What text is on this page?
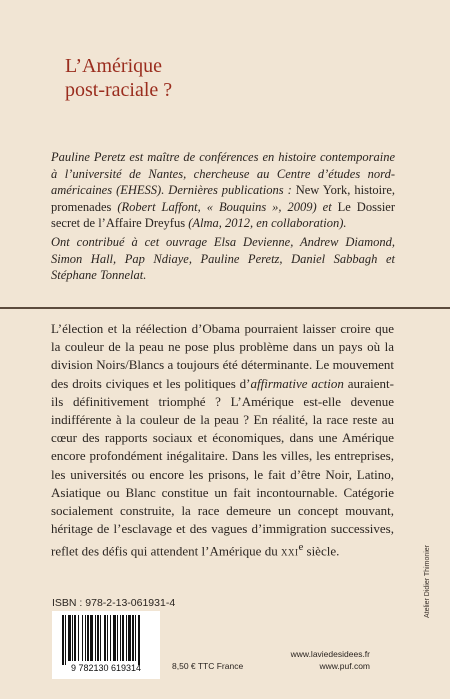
L’Amérique
post-raciale ?

Pauline Peretz est maître de conférences en histoire contemporaine à l’université de Nantes, chercheuse au Centre d’études nord-américaines (EHESS). Dernières publications : New York, histoire, promenades (Robert Laffont, « Bouquins », 2009) et Le Dossier secret de l’Affaire Dreyfus (Alma, 2012, en collaboration).

Ont contribué à cet ouvrage Elsa Devienne, Andrew Diamond, Simon Hall, Pap Ndiaye, Pauline Peretz, Daniel Sabbagh et Stéphane Tonnelat.

L’élection et la réélection d’Obama pourraient laisser croire que la couleur de la peau ne pose plus problème dans un pays où la division Noirs/Blancs a toujours été déterminante. Le mouvement des droits civiques et les politiques d’affirmative action auraient-ils définitivement triomphé ? L’Amérique est-elle devenue indifférente à la couleur de la peau ? En réalité, la race reste au cœur des rapports sociaux et économiques, dans une Amérique encore profondément inégalitaire. Dans les villes, les entreprises, les universités ou encore les prisons, le fait d’être Noir, Latino, Asiatique ou Blanc constitue un fait incontournable. Catégorie socialement construite, la race demeure un concept mouvant, héritage de l’esclavage et des vagues d’immigration successives, reflet des défis qui attendent l’Amérique du xxi$^e$ siècle.

ISBN : 978-2-13-061931-4

9 782130 619314	8,50 € TTC France

www.laviedesidees.fr
www.puf.com

Atelier Didier Thimonier
